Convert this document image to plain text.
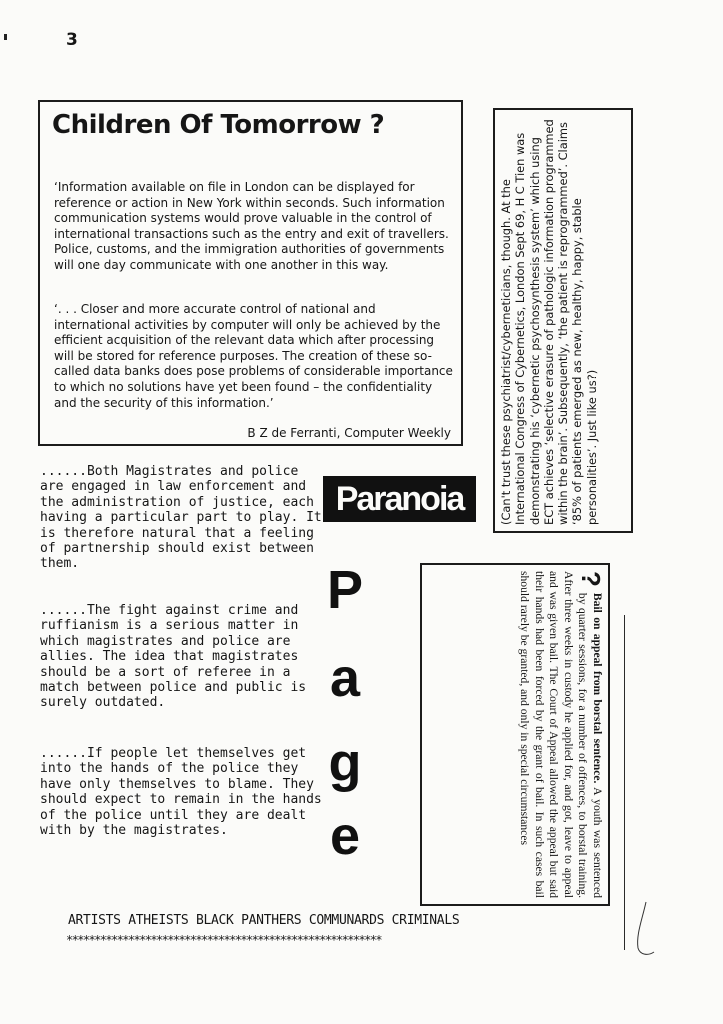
3
Children Of Tomorrow ?

‘Information available on file in London can be displayed for reference or action in New York within seconds. Such information communication systems would prove valuable in the control of international transactions such as the entry and exit of travellers. Police, customs, and the immigration authorities of governments will one day communicate with one another in this way.

‘. . . Closer and more accurate control of national and international activities by computer will only be achieved by the efficient acquisition of the relevant data which after processing will be stored for reference purposes. The creation of these so-called data banks does pose problems of considerable importance to which no solutions have yet been found – the confidentiality and the security of this information.’

B Z de Ferranti, Computer Weekly	(Can't trust these psychiatrist/cyberneticians, though. At the International Congress of Cybernetics, London Sept 69, H C Tien was demonstrating his ‘cybernetic psychosynthesis system’ which using ECT achieves ‘selective erasure of pathologic information programmed within the brain’. Subsequently, ‘the patient is reprogrammed’. Claims ‘85% of patients emerged as new, healthy, happy, stable personalities’. Just like us?)

......Both Magistrates and police are engaged in law enforcement and the administration of justice, each having a particular part to play. It is therefore natural that a feeling of partnership should exist between them.

......The fight against crime and ruffianism is a serious matter in which magistrates and police are allies. The idea that magistrates should be a sort of referee in a match between police and public is surely outdated.

......If people let themselves get into the hands of the police they have only themselves to blame. They should expect to remain in the hands of the police until they are dealt with by the magistrates.

Paranoia
P
a
g
e
?
Bail on appeal from borstal sentence. A youth was sentenced by quarter sessions, for a number of offences, to borstal training. After three weeks in custody he applied for, and got, leave to appeal and was given bail. The Court of Appeal allowed the appeal but said their hands had been forced by the grant of bail. In such cases bail should rarely be granted, and only in special circumstances
ARTISTS ATHEISTS BLACK PANTHERS COMMUNARDS CRIMINALS
********************************************************
